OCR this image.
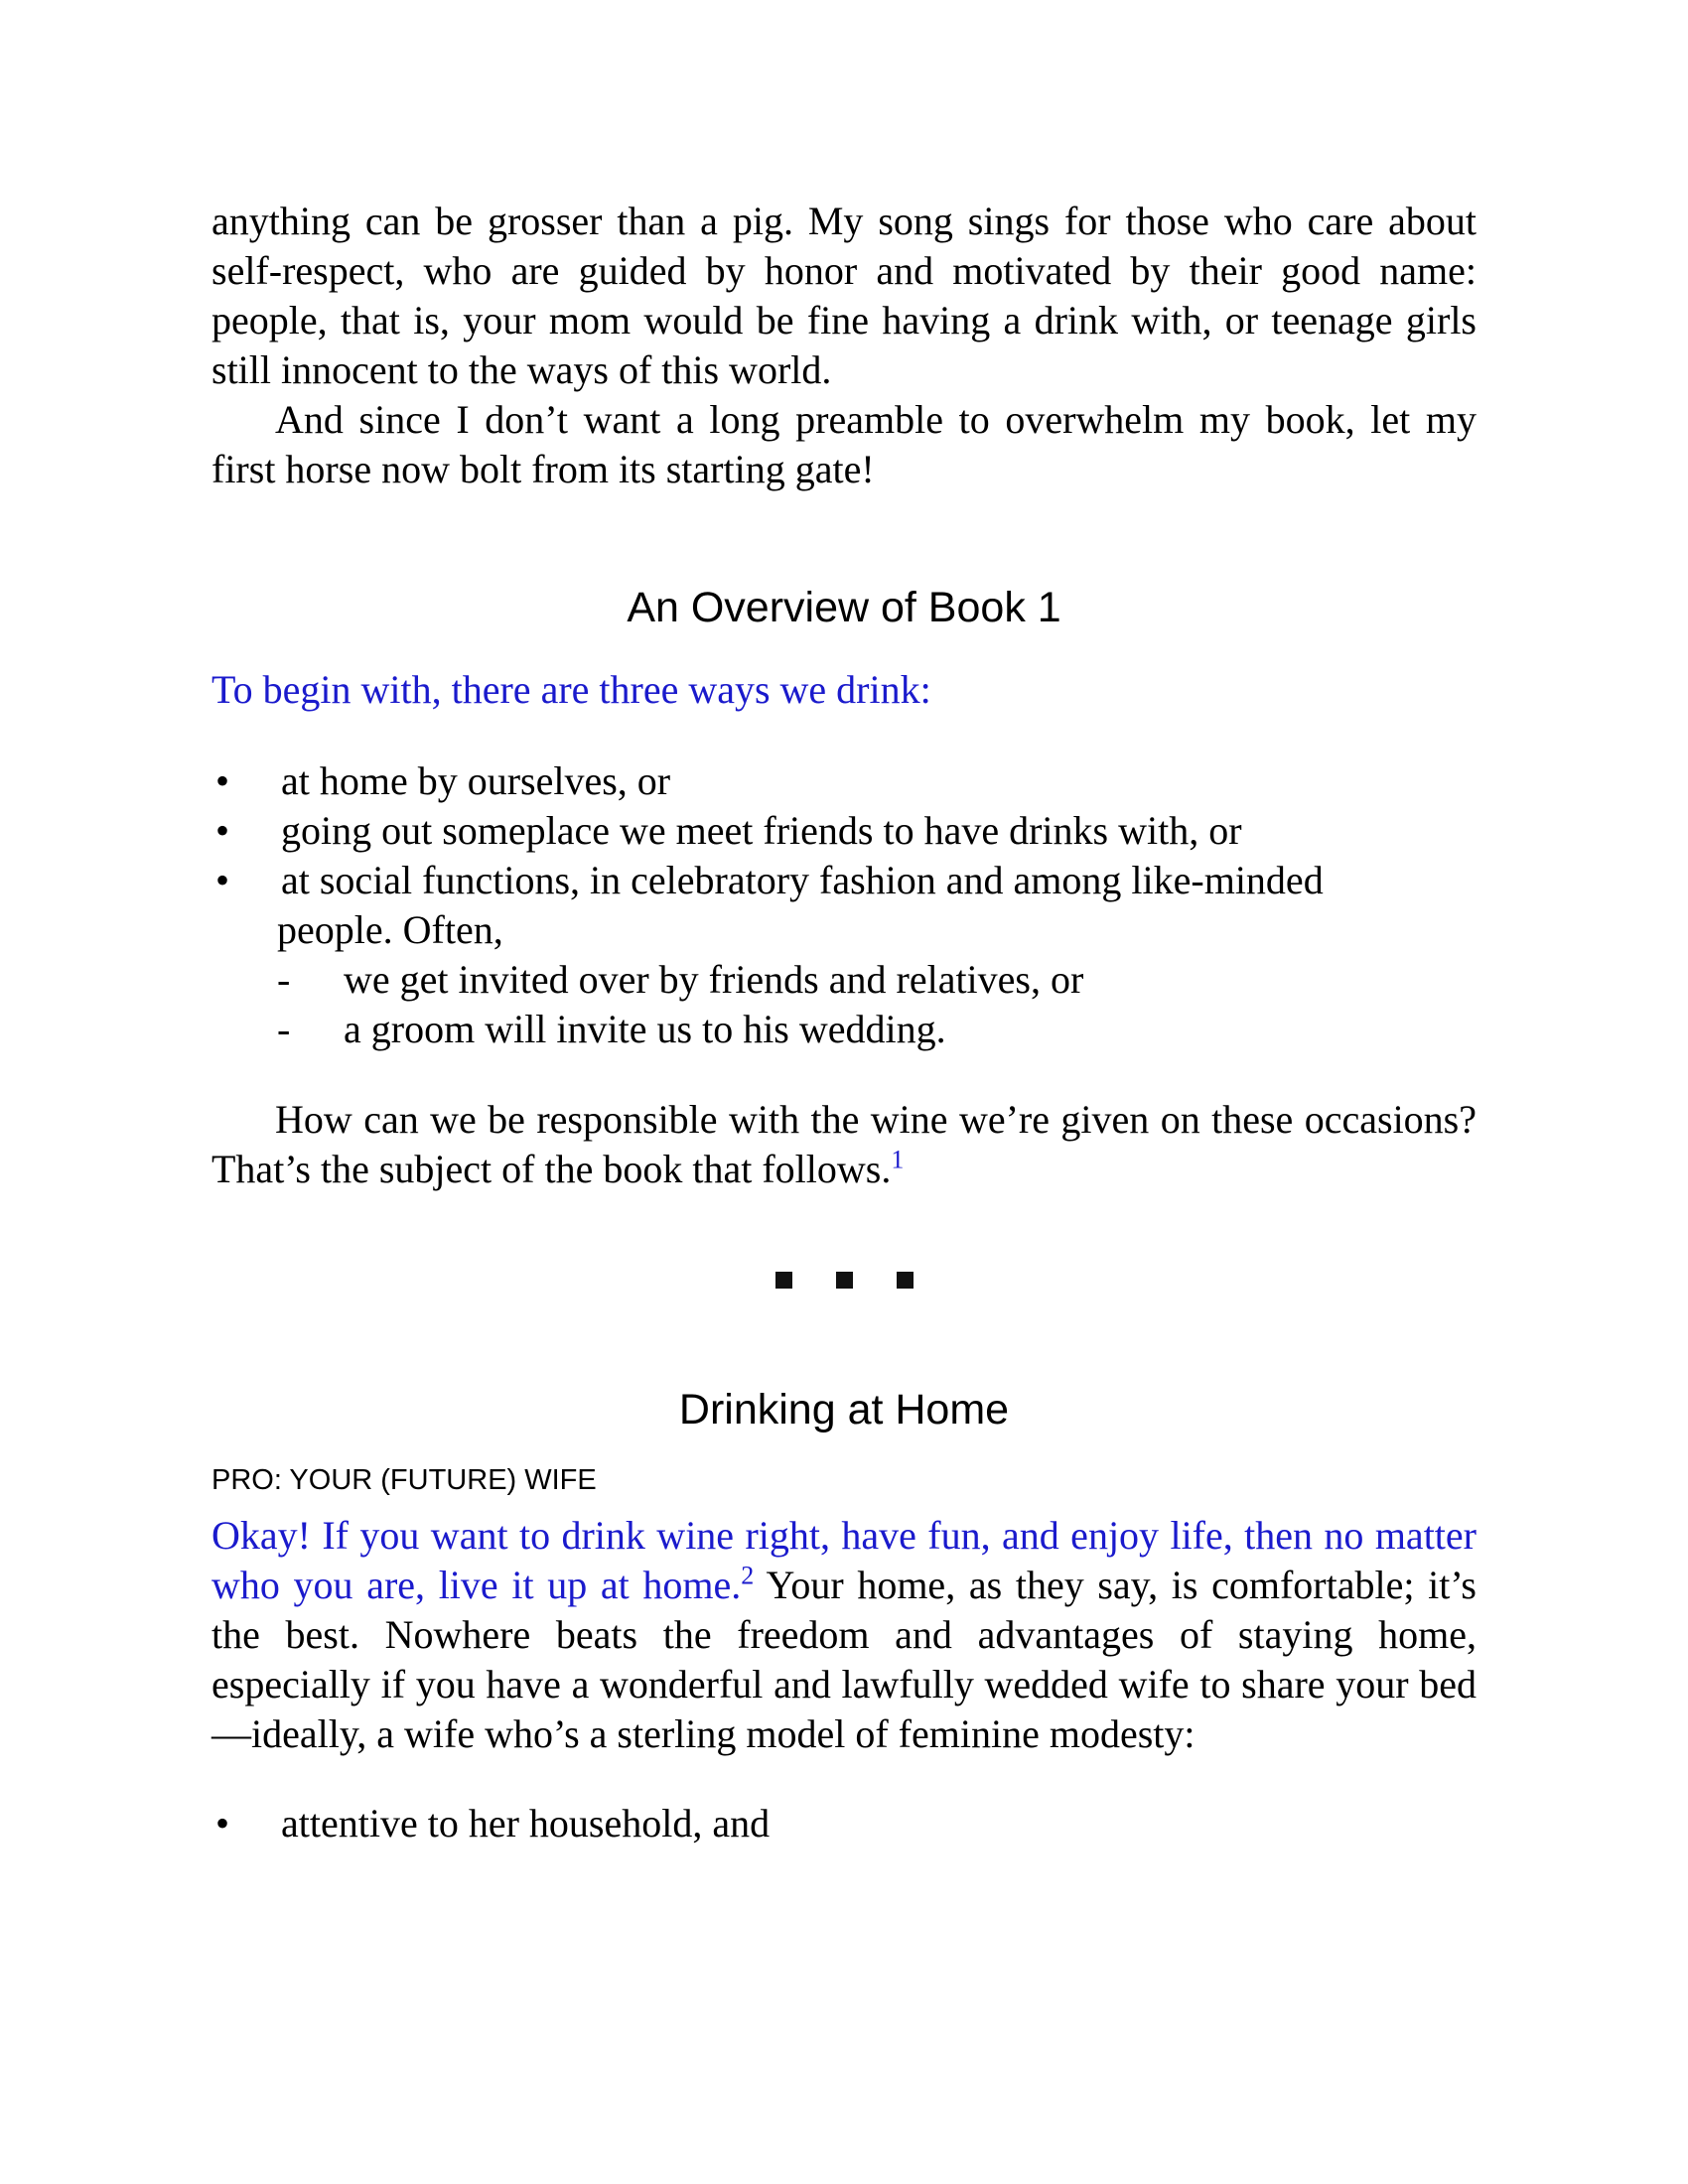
anything can be grosser than a pig. My song sings for those who care about self-respect, who are guided by honor and motivated by their good name: people, that is, your mom would be fine having a drink with, or teenage girls still innocent to the ways of this world.

And since I don’t want a long preamble to overwhelm my book, let my first horse now bolt from its starting gate!

An Overview of Book 1

To begin with, there are three ways we drink:

• at home by ourselves, or
• going out someplace we meet friends to have drinks with, or
• at social functions, in celebratory fashion and among like-minded
people. Often,
- we get invited over by friends and relatives, or
- a groom will invite us to his wedding.

How can we be responsible with the wine we’re given on these occasions? That’s the subject of the book that follows.$^1$

Drinking at Home

PRO: YOUR (FUTURE) WIFE

Okay! If you want to drink wine right, have fun, and enjoy life, then no matter who you are, live it up at home.$^2$ Your home, as they say, is comfortable; it’s the best. Nowhere beats the freedom and advantages of staying home, especially if you have a wonderful and lawfully wedded wife to share your bed—ideally, a wife who’s a sterling model of feminine modesty:

• attentive to her household, and
